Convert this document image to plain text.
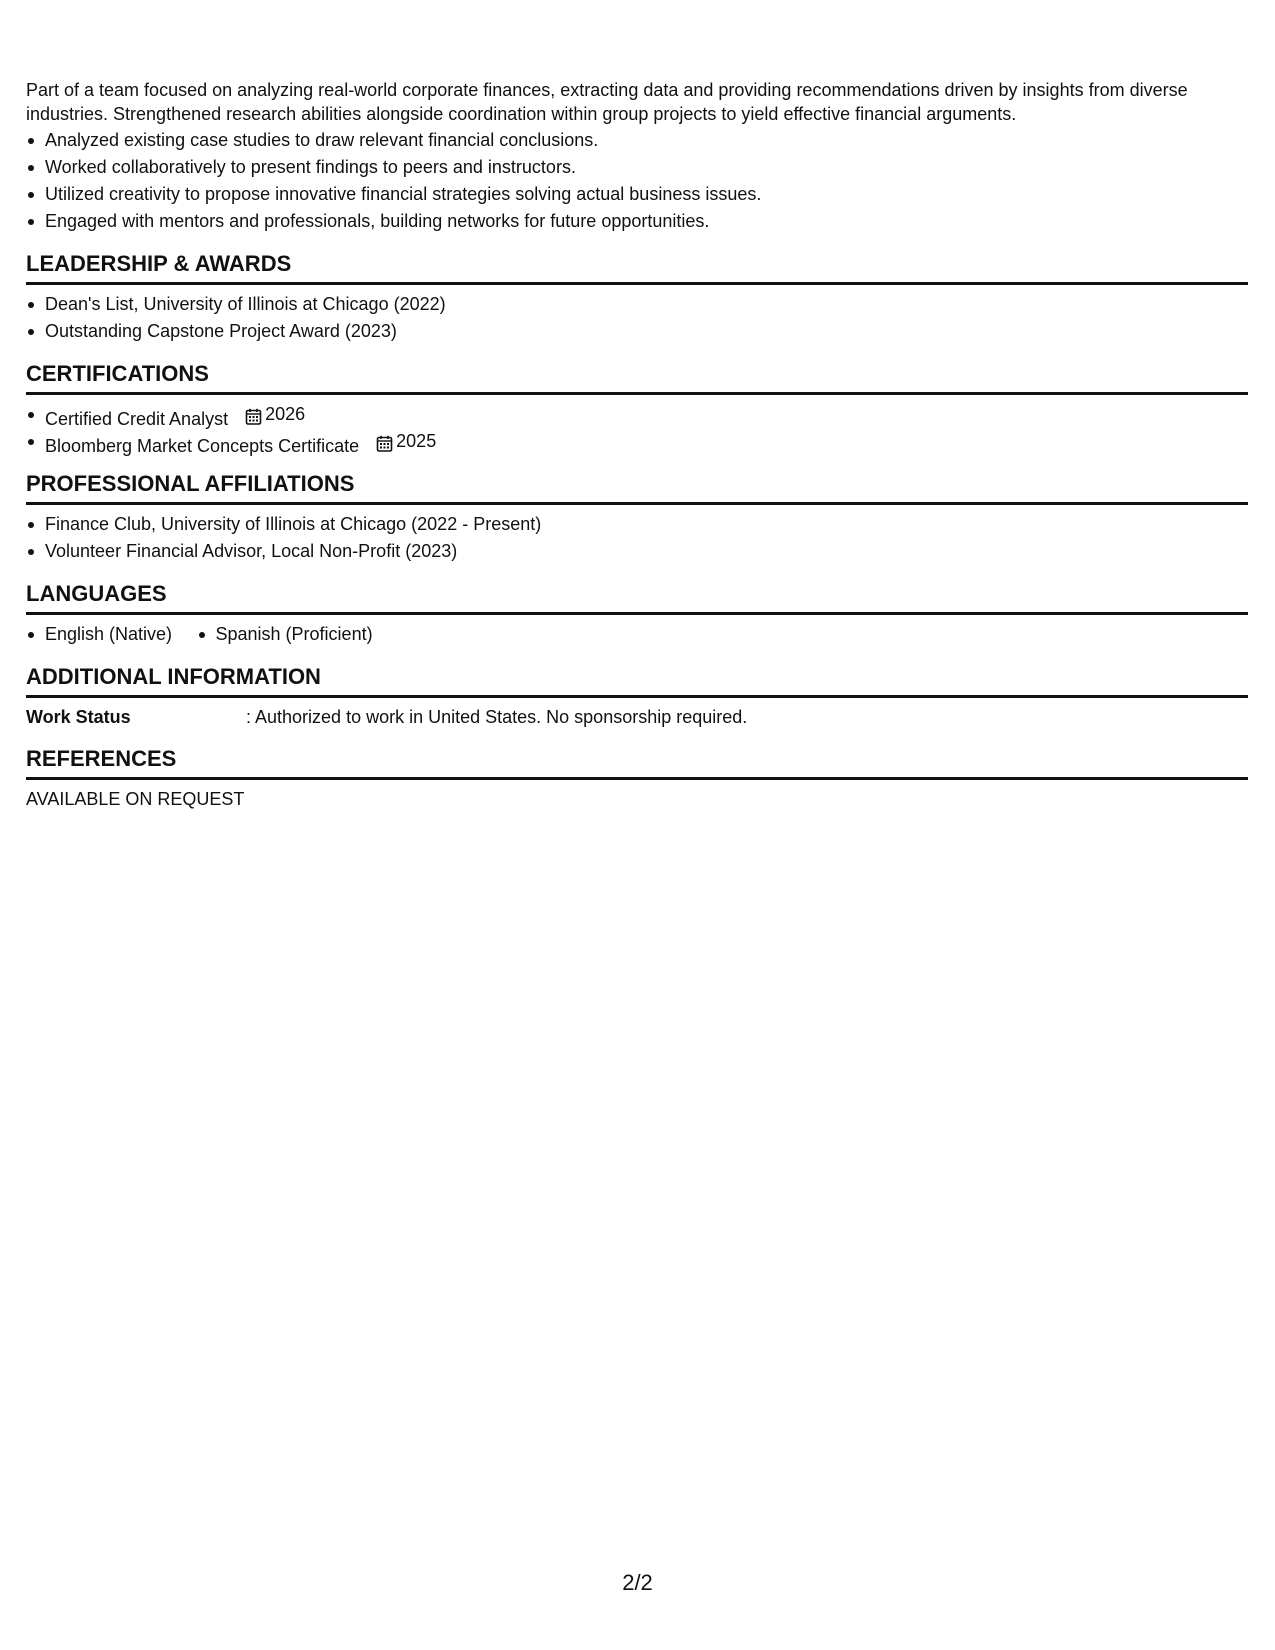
Part of a team focused on analyzing real-world corporate finances, extracting data and providing recommendations driven by insights from diverse industries. Strengthened research abilities alongside coordination within group projects to yield effective financial arguments.

Analyzed existing case studies to draw relevant financial conclusions.
Worked collaboratively to present findings to peers and instructors.
Utilized creativity to propose innovative financial strategies solving actual business issues.
Engaged with mentors and professionals, building networks for future opportunities.
LEADERSHIP & AWARDS
Dean's List, University of Illinois at Chicago (2022)
Outstanding Capstone Project Award (2023)
CERTIFICATIONS
Certified Credit Analyst 2026
Bloomberg Market Concepts Certificate 2025
PROFESSIONAL AFFILIATIONS
Finance Club, University of Illinois at Chicago (2022 - Present)
Volunteer Financial Advisor, Local Non-Profit (2023)
LANGUAGES
English (Native) Spanish (Proficient)
ADDITIONAL INFORMATION
Work Status	: Authorized to work in United States. No sponsorship required.
REFERENCES
AVAILABLE ON REQUEST
2/2
